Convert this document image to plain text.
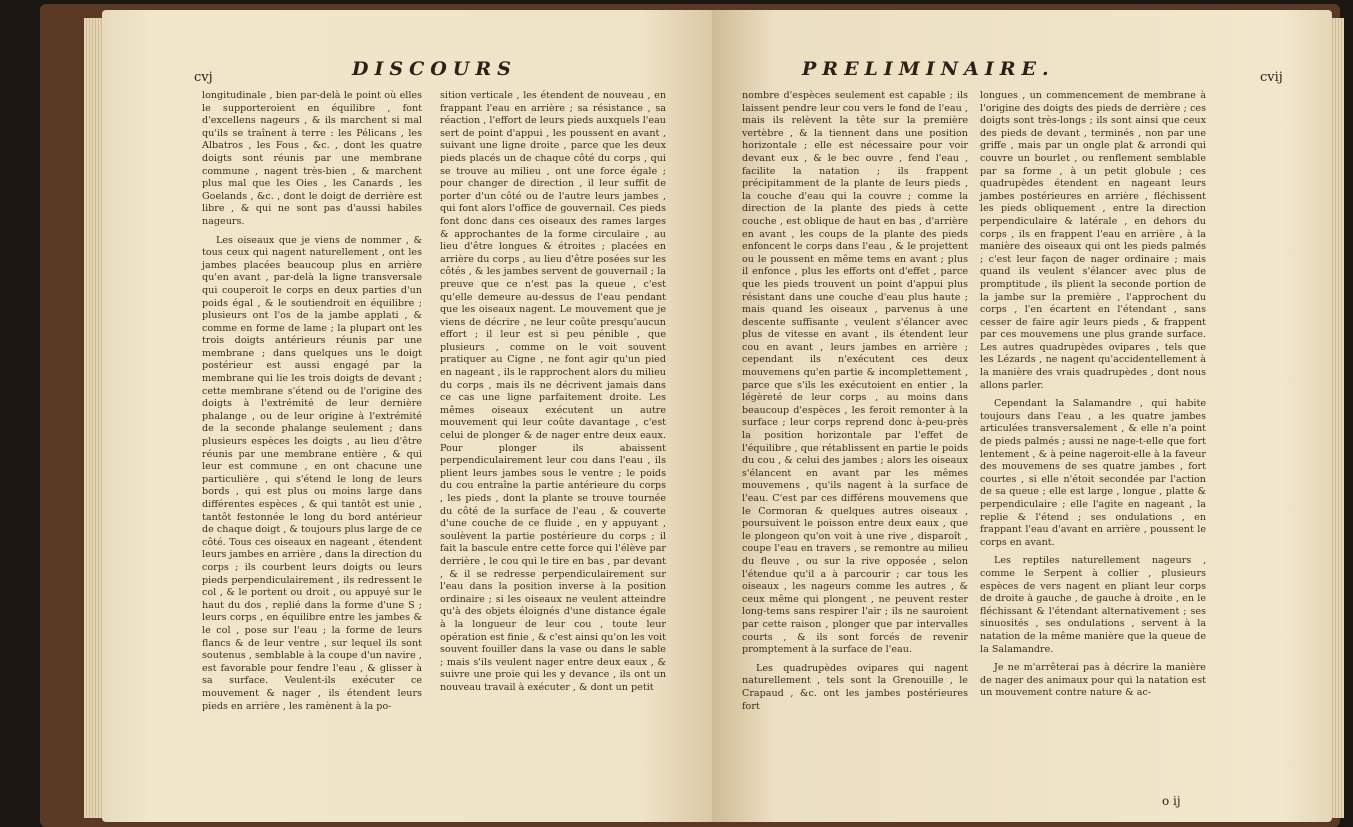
cvj	DISCOURS

longitudinale , bien par-delà le point où elles le supporteroient en équilibre , font d'excellens nageurs , & ils marchent si mal qu'ils se traînent à terre : les Pélicans , les Albatros , les Fous , &c. , dont les quatre doigts sont réunis par une membrane commune , nagent très-bien , & marchent plus mal que les Oies , les Canards , les Goelands , &c. , dont le doigt de derrière est libre , & qui ne sont pas d'aussi habiles nageurs.

Les oiseaux que je viens de nommer , & tous ceux qui nagent naturellement , ont les jambes placées beaucoup plus en arrière qu'en avant , par-delà la ligne transversale qui couperoit le corps en deux parties d'un poids égal , & le soutiendroit en équilibre ; plusieurs ont l'os de la jambe applati , & comme en forme de lame ; la plupart ont les trois doigts antérieurs réunis par une membrane ; dans quelques uns le doigt postérieur est aussi engagé par la membrane qui lie les trois doigts de devant ; cette membrane s'étend ou de l'origine des doigts à l'extrémité de leur dernière phalange , ou de leur origine à l'extrémité de la seconde phalange seulement ; dans plusieurs espèces les doigts , au lieu d'être réunis par une membrane entière , & qui leur est commune , en ont chacune une particulière , qui s'étend le long de leurs bords , qui est plus ou moins large dans différentes espèces , & qui tantôt est unie , tantôt festonnée le long du bord antérieur de chaque doigt , & toujours plus large de ce côté. Tous ces oiseaux en nageant , étendent leurs jambes en arrière , dans la direction du corps ; ils courbent leurs doigts ou leurs pieds perpendiculairement , ils redressent le col , & le portent ou droit , ou appuyé sur le haut du dos , replié dans la forme d'une S ; leurs corps , en équilibre entre les jambes & le col , pose sur l'eau ; la forme de leurs flancs & de leur ventre , sur lequel ils sont soutenus , semblable à la coupe d'un navire , est favorable pour fendre l'eau , & glisser à sa surface. Veulent-ils exécuter ce mouvement & nager , ils étendent leurs pieds en arrière , les ramènent à la po-

sition verticale , les étendent de nouveau , en frappant l'eau en arrière ; sa résistance , sa réaction , l'effort de leurs pieds auxquels l'eau sert de point d'appui , les poussent en avant , suivant une ligne droite , parce que les deux pieds placés un de chaque côté du corps , qui se trouve au milieu , ont une force égale ; pour changer de direction , il leur suffit de porter d'un côté ou de l'autre leurs jambes , qui font alors l'office de gouvernail. Ces pieds font donc dans ces oiseaux des rames larges & approchantes de la forme circulaire , au lieu d'être longues & étroites ; placées en arrière du corps , au lieu d'être posées sur les côtés , & les jambes servent de gouvernail ; la preuve que ce n'est pas la queue , c'est qu'elle demeure au-dessus de l'eau pendant que les oiseaux nagent. Le mouvement que je viens de décrire , ne leur coûte presqu'aucun effort ; il leur est si peu pénible , que plusieurs , comme on le voit souvent pratiquer au Cigne , ne font agir qu'un pied en nageant , ils le rapprochent alors du milieu du corps , mais ils ne décrivent jamais dans ce cas une ligne parfaitement droite. Les mêmes oiseaux exécutent un autre mouvement qui leur coûte davantage , c'est celui de plonger & de nager entre deux eaux. Pour plonger ils abaissent perpendiculairement leur cou dans l'eau , ils plient leurs jambes sous le ventre ; le poids du cou entraîne la partie antérieure du corps , les pieds , dont la plante se trouve tournée du côté de la surface de l'eau , & couverte d'une couche de ce fluide , en y appuyant , soulèvent la partie postérieure du corps ; il fait la bascule entre cette force qui l'élève par derrière , le cou qui le tire en bas , par devant , & il se redresse perpendiculairement sur l'eau dans la position inverse à la position ordinaire ; si les oiseaux ne veulent atteindre qu'à des objets éloignés d'une distance égale à la longueur de leur cou , toute leur opération est finie , & c'est ainsi qu'on les voit souvent fouiller dans la vase ou dans le sable ; mais s'ils veulent nager entre deux eaux , & suivre une proie qui les y devance , ils ont un nouveau travail à exécuter , & dont un petit

PRELIMINAIRE.	cvij

nombre d'espèces seulement est capable ; ils laissent pendre leur cou vers le fond de l'eau , mais ils relèvent la tête sur la première vertèbre , & la tiennent dans une position horizontale ; elle est nécessaire pour voir devant eux , & le bec ouvre , fend l'eau , facilite la natation ; ils frappent précipitamment de la plante de leurs pieds , la couche d'eau qui la couvre ; comme la direction de la plante des pieds à cette couche , est oblique de haut en bas , d'arrière en avant , les coups de la plante des pieds enfoncent le corps dans l'eau , & le projettent ou le poussent en même tems en avant ; plus il enfonce , plus les efforts ont d'effet , parce que les pieds trouvent un point d'appui plus résistant dans une couche d'eau plus haute ; mais quand les oiseaux , parvenus à une descente suffisante , veulent s'élancer avec plus de vitesse en avant , ils étendent leur cou en avant , leurs jambes en arrière ; cependant ils n'exécutent ces deux mouvemens qu'en partie & incomplettement , parce que s'ils les exécutoient en entier , la légèreté de leur corps , au moins dans beaucoup d'espèces , les feroit remonter à la surface ; leur corps reprend donc à-peu-près la position horizontale par l'effet de l'équilibre , que rétablissent en partie le poids du cou , & celui des jambes ; alors les oiseaux s'élancent en avant par les mêmes mouvemens , qu'ils nagent à la surface de l'eau. C'est par ces différens mouvemens que le Cormoran & quelques autres oiseaux , poursuivent le poisson entre deux eaux , que le plongeon qu'on voit à une rive , disparoît , coupe l'eau en travers , se remontre au milieu du fleuve , ou sur la rive opposée , selon l'étendue qu'il a à parcourir ; car tous les oiseaux , les nageurs comme les autres , & ceux même qui plongent , ne peuvent rester long-tems sans respirer l'air ; ils ne sauroient par cette raison , plonger que par intervalles courts , & ils sont forcés de revenir promptement à la surface de l'eau.

Les quadrupèdes ovipares qui nagent naturellement , tels sont la Grenouille , le Crapaud , &c. ont les jambes postérieures fort

longues , un commencement de membrane à l'origine des doigts des pieds de derrière ; ces doigts sont très-longs ; ils sont ainsi que ceux des pieds de devant , terminés , non par une griffe , mais par un ongle plat & arrondi qui couvre un bourlet , ou renflement semblable par sa forme , à un petit globule ; ces quadrupèdes étendent en nageant leurs jambes postérieures en arrière , fléchissent les pieds obliquement , entre la direction perpendiculaire & latérale , en dehors du corps , ils en frappent l'eau en arrière , à la manière des oiseaux qui ont les pieds palmés ; c'est leur façon de nager ordinaire ; mais quand ils veulent s'élancer avec plus de promptitude , ils plient la seconde portion de la jambe sur la première , l'approchent du corps , l'en écartent en l'étendant , sans cesser de faire agir leurs pieds , & frappent par ces mouvemens une plus grande surface. Les autres quadrupèdes ovipares , tels que les Lézards , ne nagent qu'accidentellement à la manière des vrais quadrupèdes , dont nous allons parler.

Cependant la Salamandre , qui habite toujours dans l'eau , a les quatre jambes articulées transversalement , & elle n'a point de pieds palmés ; aussi ne nage-t-elle que fort lentement , & à peine nageroit-elle à la faveur des mouvemens de ses quatre jambes , fort courtes , si elle n'étoit secondée par l'action de sa queue ; elle est large , longue , platte & perpendiculaire ; elle l'agite en nageant , la replie & l'étend ; ses ondulations , en frappant l'eau d'avant en arrière , poussent le corps en avant.

Les reptiles naturellement nageurs , comme le Serpent à collier , plusieurs espèces de vers nagent en pliant leur corps de droite à gauche , de gauche à droite , en le fléchissant & l'étendant alternativement ; ses sinuosités , ses ondulations , servent à la natation de la même manière que la queue de la Salamandre.

Je ne m'arrêterai pas à décrire la manière de nager des animaux pour qui la natation est un mouvement contre nature & ac-

o ij
